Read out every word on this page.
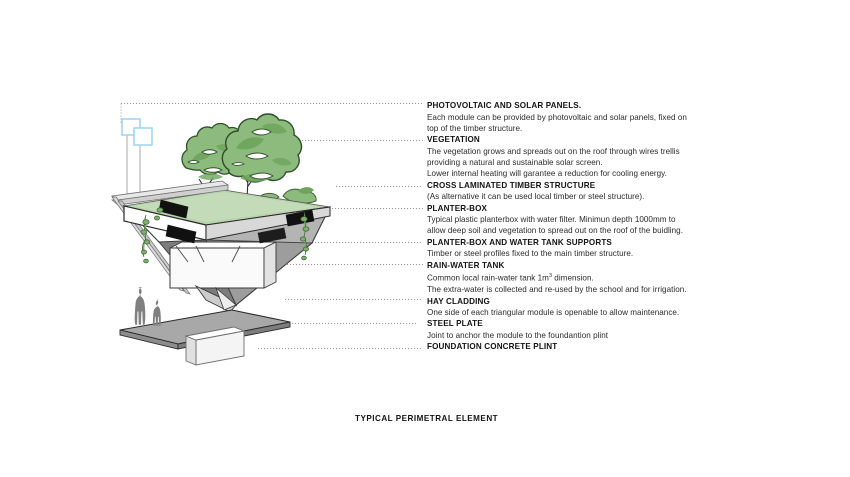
PHOTOVOLTAIC AND SOLAR PANELS.
Each module can be provided by photovoltaic and solar panels, fixed on
top of the timber structure.
VEGETATION
The vegetation grows and spreads out on the roof through wires trellis
providing a natural and sustainable solar screen.
Lower internal heating will garantee a reduction for cooling energy.
CROSS LAMINATED TIMBER STRUCTURE
(As alternative it can be used local timber or steel structure).
PLANTER-BOX
Typical plastic planterbox with water filter. Minimun depth 1000mm to
allow deep soil and vegetation to spread out on the roof of the buidling.
PLANTER-BOX AND WATER TANK SUPPORTS
Timber or steel profiles fixed to the main timber structure.
RAIN-WATER TANK
Common local rain-water tank $1m^3$ dimension.
The extra-water is collected and re-used by the school and for irrigation.
HAY CLADDING
One side of each triangular module is openable to allow maintenance.
STEEL PLATE
Joint to anchor the module to the foundantion plint
FOUNDATION CONCRETE PLINT
TYPICAL PERIMETRAL ELEMENT
